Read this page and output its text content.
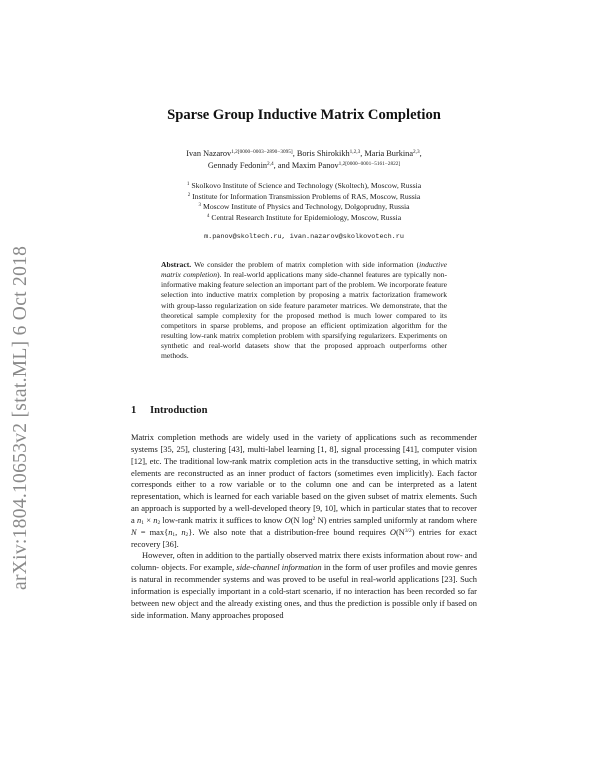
arXiv:1804.10653v2 [stat.ML] 6 Oct 2018
Sparse Group Inductive Matrix Completion
Ivan Nazarov$^{1,2[0000-0003-2890-3095]}$, Boris Shirokikh$^{1,2,3}$, Maria Burkina$^{2,3}$,
Gennady Fedonin$^{2,4}$, and Maxim Panov$^{1,2[0000-0001-5161-2822]}$
$^1$ Skolkovo Institute of Science and Technology (Skoltech), Moscow, Russia
$^2$ Institute for Information Transmission Problems of RAS, Moscow, Russia
$^3$ Moscow Institute of Physics and Technology, Dolgoprudny, Russia
$^4$ Central Research Institute for Epidemiology, Moscow, Russia
m.panov@skoltech.ru, ivan.nazarov@skolkovotech.ru
Abstract. We consider the problem of matrix completion with side information (inductive matrix completion). In real-world applications many side-channel features are typically non-informative making feature selection an important part of the problem. We incorporate feature selection into inductive matrix completion by proposing a matrix factorization framework with group-lasso regularization on side feature parameter matrices. We demonstrate, that the theoretical sample complexity for the proposed method is much lower compared to its competitors in sparse problems, and propose an efficient optimization algorithm for the resulting low-rank matrix completion problem with sparsifying regularizers. Experiments on synthetic and real-world datasets show that the proposed approach outperforms other methods.
1 Introduction

Matrix completion methods are widely used in the variety of applications such as recommender systems [35, 25], clustering [43], multi-label learning [1, 8], signal processing [41], computer vision [12], etc. The traditional low-rank matrix completion acts in the transductive setting, in which matrix elements are reconstructed as an inner product of factors (sometimes even implicitly). Each factor corresponds either to a row variable or to the column one and can be interpreted as a latent representation, which is learned for each variable based on the given subset of matrix elements. Such an approach is supported by a well-developed theory [9, 10], which in particular states that to recover a $n_1 \times n_2$ low-rank matrix it suffices to know O(N $\log^2 N$) entries sampled uniformly at random where $N = \max\{n_1$, $n_2$}. We also note that a distribution-free bound requires $O(N^{3/2})$ entries for exact recovery [36].

However, often in addition to the partially observed matrix there exists information about row- and column- objects. For example, side-channel information in the form of user profiles and movie genres is natural in recommender systems and was proved to be useful in real-world applications [23]. Such information is especially important in a cold-start scenario, if no interaction has been recorded so far between new object and the already existing ones, and thus the prediction is possible only if based on side information. Many approaches proposed
